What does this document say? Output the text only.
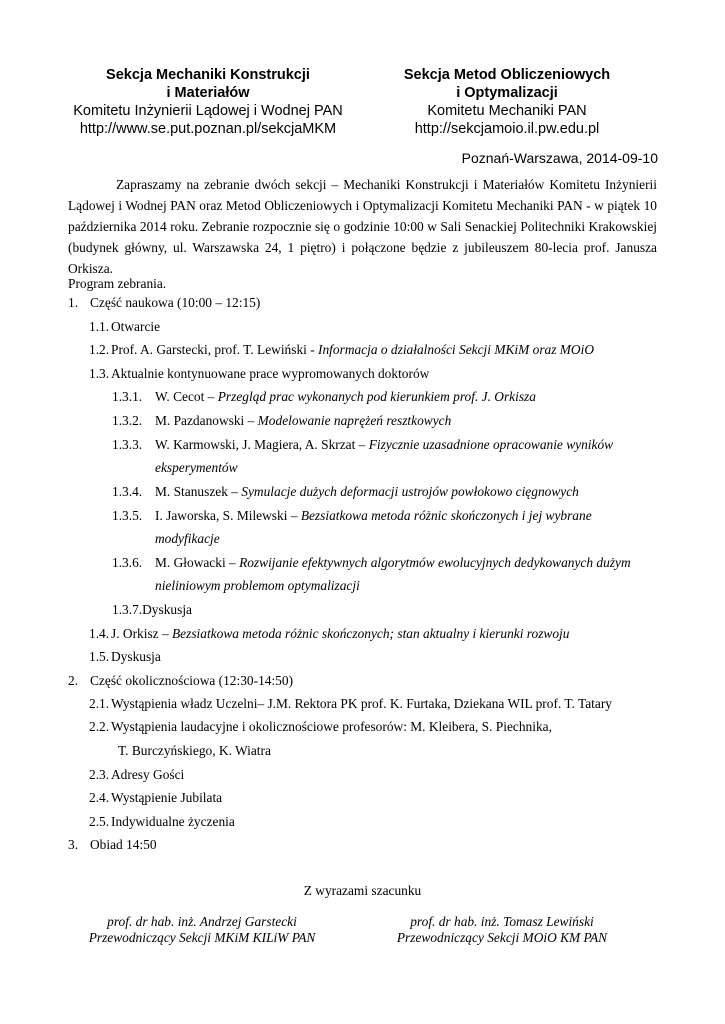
Sekcja Mechaniki Konstrukcji
i Materiałów
Komitetu Inżynierii Lądowej i Wodnej PAN
http://www.se.put.poznan.pl/sekcjaMKM
Sekcja Metod Obliczeniowych
i Optymalizacji
Komitetu Mechaniki PAN
http://sekcjamoio.il.pw.edu.pl
Poznań-Warszawa, 2014-09-10

Zapraszamy na zebranie dwóch sekcji – Mechaniki Konstrukcji i Materiałów Komitetu Inżynierii Lądowej i Wodnej PAN oraz Metod Obliczeniowych i Optymalizacji Komitetu Mechaniki PAN - w piątek 10 października 2014 roku. Zebranie rozpocznie się o godzinie 10:00 w Sali Senackiej Politechniki Krakowskiej (budynek główny, ul. Warszawska 24, 1 piętro) i połączone będzie z jubileuszem 80-lecia prof. Janusza Orkisza.

Program zebrania.
1. Część naukowa (10:00 – 12:15)
1.1. Otwarcie
1.2. Prof. A. Garstecki, prof. T. Lewiński - Informacja o działalności Sekcji MKiM oraz MOiO
1.3. Aktualnie kontynuowane prace wypromowanych doktorów
1.3.1. W. Cecot – Przegląd prac wykonanych pod kierunkiem prof. J. Orkisza
1.3.2. M. Pazdanowski – Modelowanie naprężeń resztkowych
1.3.3. W. Karmowski, J. Magiera, A. Skrzat – Fizycznie uzasadnione opracowanie wyników
eksperymentów
1.3.4. M. Stanuszek – Symulacje dużych deformacji ustrojów powłokowo cięgnowych
1.3.5. I. Jaworska, S. Milewski – Bezsiatkowa metoda różnic skończonych i jej wybrane
modyfikacje
1.3.6. M. Głowacki – Rozwijanie efektywnych algorytmów ewolucyjnych dedykowanych dużym
nieliniowym problemom optymalizacji
1.3.7.Dyskusja
1.4. J. Orkisz – Bezsiatkowa metoda różnic skończonych; stan aktualny i kierunki rozwoju
1.5. Dyskusja
2. Część okolicznościowa (12:30-14:50)
2.1. Wystąpienia władz Uczelni– J.M. Rektora PK prof. K. Furtaka, Dziekana WIL prof. T. Tatary
2.2. Wystąpienia laudacyjne i okolicznościowe profesorów: M. Kleibera, S. Piechnika,
T. Burczyńskiego, K. Wiatra
2.3. Adresy Gości
2.4. Wystąpienie Jubilata
2.5. Indywidualne życzenia
3. Obiad 14:50
Z wyrazami szacunku
prof. dr hab. inż. Andrzej Garstecki
Przewodniczący Sekcji MKiM KILiW PAN
prof. dr hab. inż. Tomasz Lewiński
Przewodniczący Sekcji MOiO KM PAN
